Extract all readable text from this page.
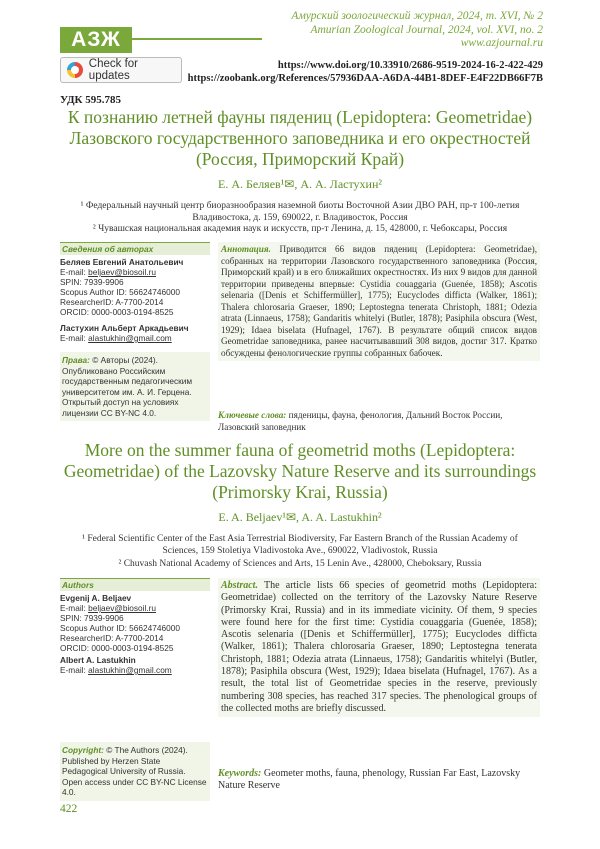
АЗЖ
Амурский зоологический журнал, 2024, т. XVI, № 2
Amurian Zoological Journal, 2024, vol. XVI, no. 2
www.azjournal.ru
Check for updates
https://www.doi.org/10.33910/2686-9519-2024-16-2-422-429
https://zoobank.org/References/57936DAA-A6DA-44B1-8DEF-E4F22DB66F7B
УДК 595.785
К познанию летней фауны пядениц (Lepidoptera: Geometridae) Лазовского государственного заповедника и его окрестностей (Россия, Приморский Край)
Е. А. Беляев¹✉, А. А. Ластухин²
¹ Федеральный научный центр биоразнообразия наземной биоты Восточной Азии ДВО РАН, пр-т 100-летия Владивостока, д. 159, 690022, г. Владивосток, Россия
² Чувашская национальная академия наук и искусств, пр-т Ленина, д. 15, 428000, г. Чебоксары, Россия
Сведения об авторах
Беляев Евгений Анатольевич
E-mail: beljaev@biosoil.ru
SPIN: 7939-9906
Scopus Author ID: 56624746000
ResearcherID: A-7700-2014
ORCID: 0000-0003-0194-8525
Ластухин Альберт Аркадьевич
E-mail: alastukhin@gmail.com
Права: © Авторы (2024). Опубликовано Российским государственным педагогическим университетом им. А. И. Герцена. Открытый доступ на условиях лицензии CC BY-NC 4.0.
Аннотация. Приводится 66 видов пядениц (Lepidoptera: Geometridae), собранных на территории Лазовского государственного заповедника (Россия, Приморский край) и в его ближайших окрестностях. Из них 9 видов для данной территории приведены впервые: Cystidia couaggaria (Guenée, 1858); Ascotis selenaria ([Denis et Schiffermüller], 1775); Eucyclodes difficta (Walker, 1861); Thalera chlorosaria Graeser, 1890; Leptostegna tenerata Christoph, 1881; Odezia atrata (Linnaeus, 1758); Gandaritis whitelyi (Butler, 1878); Pasiphila obscura (West, 1929); Idaea biselata (Hufnagel, 1767). В результате общий список видов Geometridae заповедника, ранее насчитывавший 308 видов, достиг 317. Кратко обсуждены фенологические группы собранных бабочек.
Ключевые слова: пяденицы, фауна, фенология, Дальний Восток России, Лазовский заповедник
More on the summer fauna of geometrid moths (Lepidoptera: Geometridae) of the Lazovsky Nature Reserve and its surroundings (Primorsky Krai, Russia)
E. A. Beljaev¹✉, A. A. Lastukhin²
¹ Federal Scientific Center of the East Asia Terrestrial Biodiversity, Far Eastern Branch of the Russian Academy of Sciences, 159 Stoletiya Vladivostoka Ave., 690022, Vladivostok, Russia
² Chuvash National Academy of Sciences and Arts, 15 Lenin Ave., 428000, Cheboksary, Russia
Authors
Evgenij A. Beljaev
E-mail: beljaev@biosoil.ru
SPIN: 7939-9906
Scopus Author ID: 56624746000
ResearcherID: A-7700-2014
ORCID: 0000-0003-0194-8525
Albert A. Lastukhin
E-mail: alastukhin@gmail.com
Copyright: © The Authors (2024). Published by Herzen State Pedagogical University of Russia. Open access under CC BY-NC License 4.0.
Abstract. The article lists 66 species of geometrid moths (Lepidoptera: Geometridae) collected on the territory of the Lazovsky Nature Reserve (Primorsky Krai, Russia) and in its immediate vicinity. Of them, 9 species were found here for the first time: Cystidia couaggaria (Guenée, 1858); Ascotis selenaria ([Denis et Schiffermüller], 1775); Eucyclodes difficta (Walker, 1861); Thalera chlorosaria Graeser, 1890; Leptostegna tenerata Christoph, 1881; Odezia atrata (Linnaeus, 1758); Gandaritis whitelyi (Butler, 1878); Pasiphila obscura (West, 1929); Idaea biselata (Hufnagel, 1767). As a result, the total list of Geometridae species in the reserve, previously numbering 308 species, has reached 317 species. The phenological groups of the collected moths are briefly discussed.
Keywords: Geometer moths, fauna, phenology, Russian Far East, Lazovsky Nature Reserve
422
